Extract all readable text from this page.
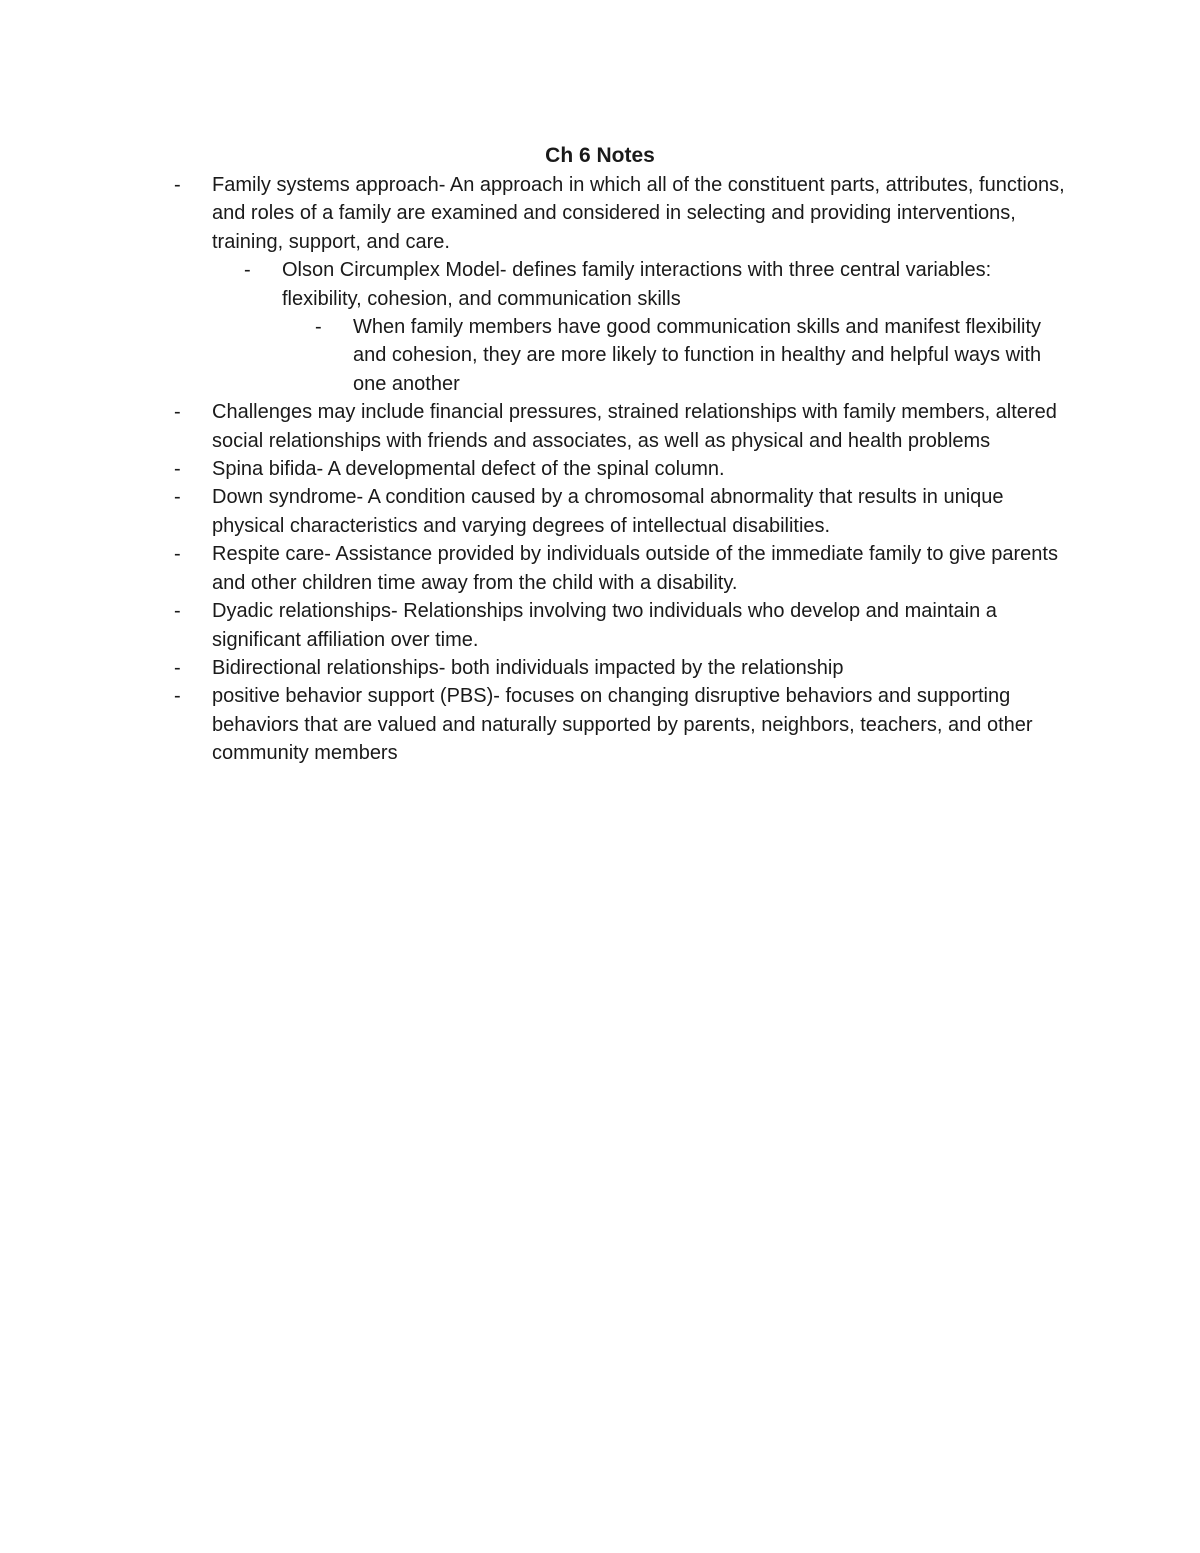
Ch 6 Notes
- Family systems approach- An approach in which all of the constituent parts, attributes, functions, and roles of a family are examined and considered in selecting and providing interventions, training, support, and care.
- Olson Circumplex Model- defines family interactions with three central variables: flexibility, cohesion, and communication skills
- When family members have good communication skills and manifest flexibility and cohesion, they are more likely to function in healthy and helpful ways with one another
- Challenges may include financial pressures, strained relationships with family members, altered social relationships with friends and associates, as well as physical and health problems
- Spina bifida- A developmental defect of the spinal column.
- Down syndrome- A condition caused by a chromosomal abnormality that results in unique physical characteristics and varying degrees of intellectual disabilities.
- Respite care- Assistance provided by individuals outside of the immediate family to give parents and other children time away from the child with a disability.
- Dyadic relationships- Relationships involving two individuals who develop and maintain a significant affiliation over time.
- Bidirectional relationships- both individuals impacted by the relationship
- positive behavior support (PBS)- focuses on changing disruptive behaviors and supporting behaviors that are valued and naturally supported by parents, neighbors, teachers, and other community members
